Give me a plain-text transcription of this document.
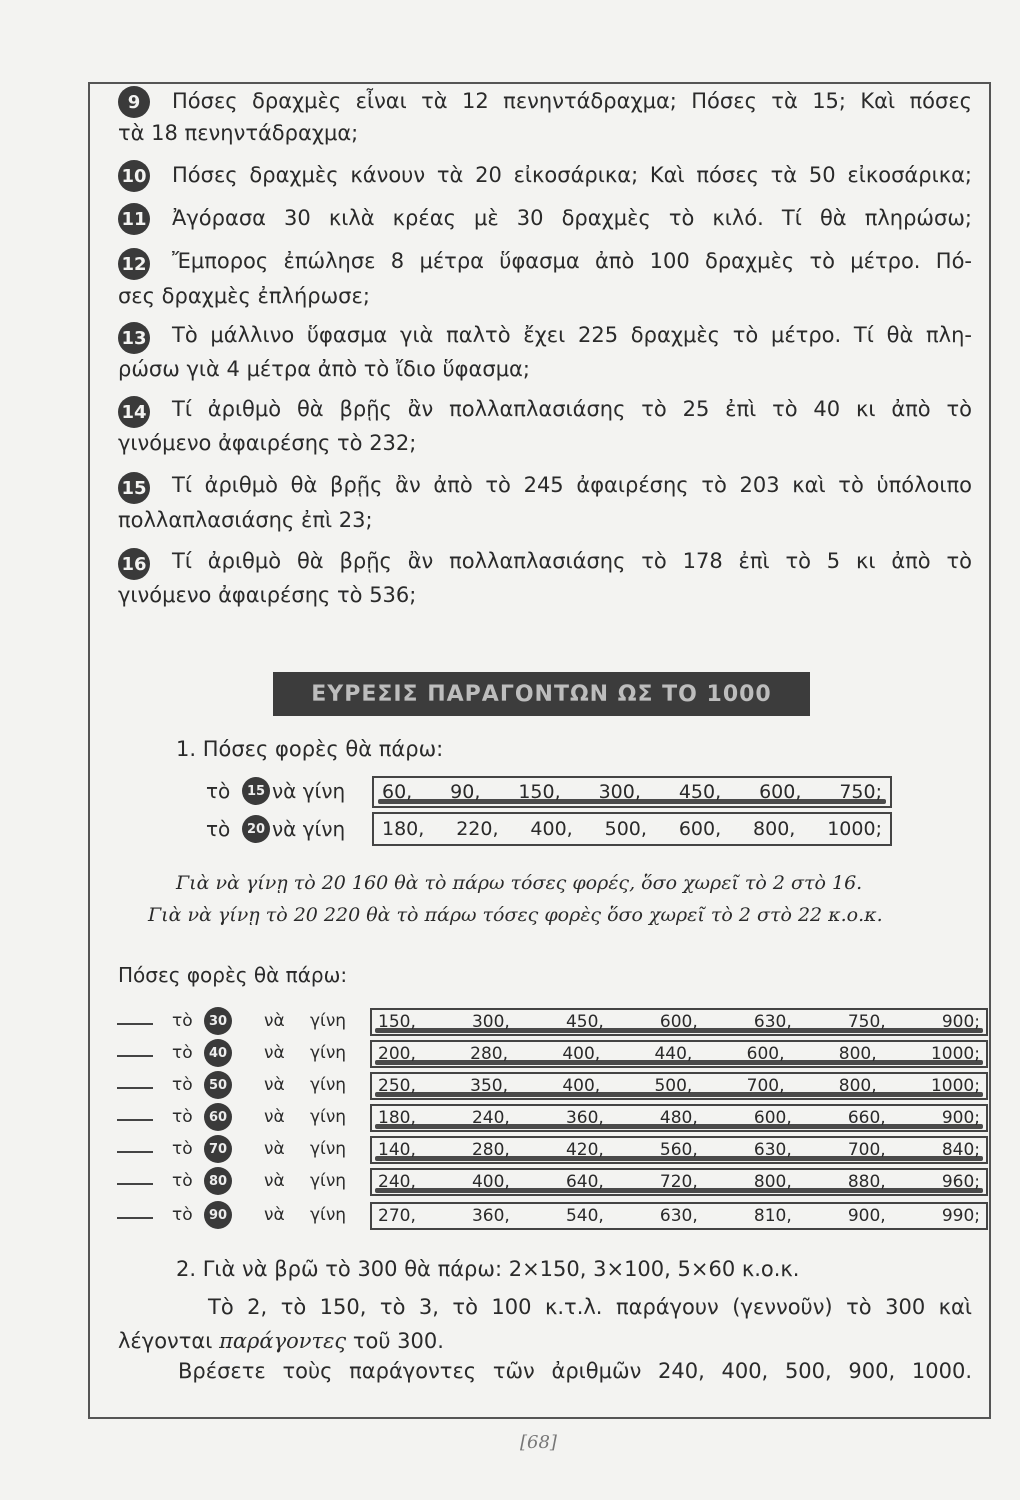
9	Πόσες δραχμὲς εἶναι τὰ 12 πενηντάδραχμα; Πόσες τὰ 15; Καὶ πόσες
τὰ 18 πενηντάδραχμα;
10 Πόσες δραχμὲς κάνουν τὰ 20 εἰκοσάρικα; Καὶ πόσες τὰ 50 εἰκοσάρικα;
11 Ἀγόρασα 30 κιλὰ κρέας μὲ 30 δραχμὲς τὸ κιλό. Τί θὰ πληρώσω;
12 Ἔμπορος ἐπώλησε 8 μέτρα ὕφασμα ἀπὸ 100 δραχμὲς τὸ μέτρο. Πό-
σες δραχμὲς ἐπλήρωσε;
13 Τὸ μάλλινο ὕφασμα γιὰ παλτὸ ἔχει 225 δραχμὲς τὸ μέτρο. Τί θὰ πλη-
ρώσω γιὰ 4 μέτρα ἀπὸ τὸ ἴδιο ὕφασμα;
14 Τί ἀριθμὸ θὰ βρῇς ἂν πολλαπλασιάσης τὸ 25 ἐπὶ τὸ 40 κι ἀπὸ τὸ
γινόμενο ἀφαιρέσης τὸ 232;
15 Τί ἀριθμὸ θὰ βρῇς ἂν ἀπὸ τὸ 245 ἀφαιρέσης τὸ 203 καὶ τὸ ὑπόλοιπο
πολλαπλασιάσης ἐπὶ 23;
16 Τί ἀριθμὸ θὰ βρῇς ἂν πολλαπλασιάσης τὸ 178 ἐπὶ τὸ 5 κι ἀπὸ τὸ
γινόμενο ἀφαιρέσης τὸ 536;
ΕΥΡΕΣΙΣ ΠΑΡΑΓΟΝΤΩΝ ΩΣ ΤΟ 1000
1. Πόσες φορὲς θὰ πάρω:
τὸ	15 νὰ γίνη 60, 90, 150, 300, 450, 600, 750;
τὸ	20 νὰ γίνη 180, 220, 400, 500, 600, 800, 1000;
Γιὰ νὰ γίνῃ τὸ 20 160 θὰ τὸ πάρω τόσες φορές, ὅσο χωρεῖ τὸ 2 στὸ 16.
Γιὰ νὰ γίνῃ τὸ 20 220 θὰ τὸ πάρω τόσες φορὲς ὅσο χωρεῖ τὸ 2 στὸ 22 κ.ο.κ.
Πόσες φορὲς θὰ πάρω:
τὸ	30 νὰ γίνη 150,	300,	450,	600,	630,	750,	900;
τὸ	40 νὰ γίνη 200,	280,	400,	440,	600,	800,	1000;
τὸ	50 νὰ γίνη 250,	350,	400,	500,	700,	800,	1000;
τὸ	60 νὰ γίνη 180,	240,	360,	480,	600,	660,	900;
τὸ	70 νὰ γίνη 140,	280,	420,	560,	630,	700,	840;
τὸ	80 νὰ γίνη 240,	400,	640,	720,	800,	880,	960;
τὸ	90 νὰ γίνη 270,	360,	540,	630,	810,	900,	990;
2. Γιὰ νὰ βρῶ τὸ 300 θὰ πάρω: 2×150, 3×100, 5×60 κ.ο.κ.
Τὸ 2, τὸ 150, τὸ 3, τὸ 100 κ.τ.λ. παράγουν (γεννοῦν) τὸ 300 καὶ
λέγονται παράγοντες τοῦ 300.
Βρέσετε τοὺς παράγοντες τῶν ἀριθμῶν 240, 400, 500, 900, 1000.
[68]
